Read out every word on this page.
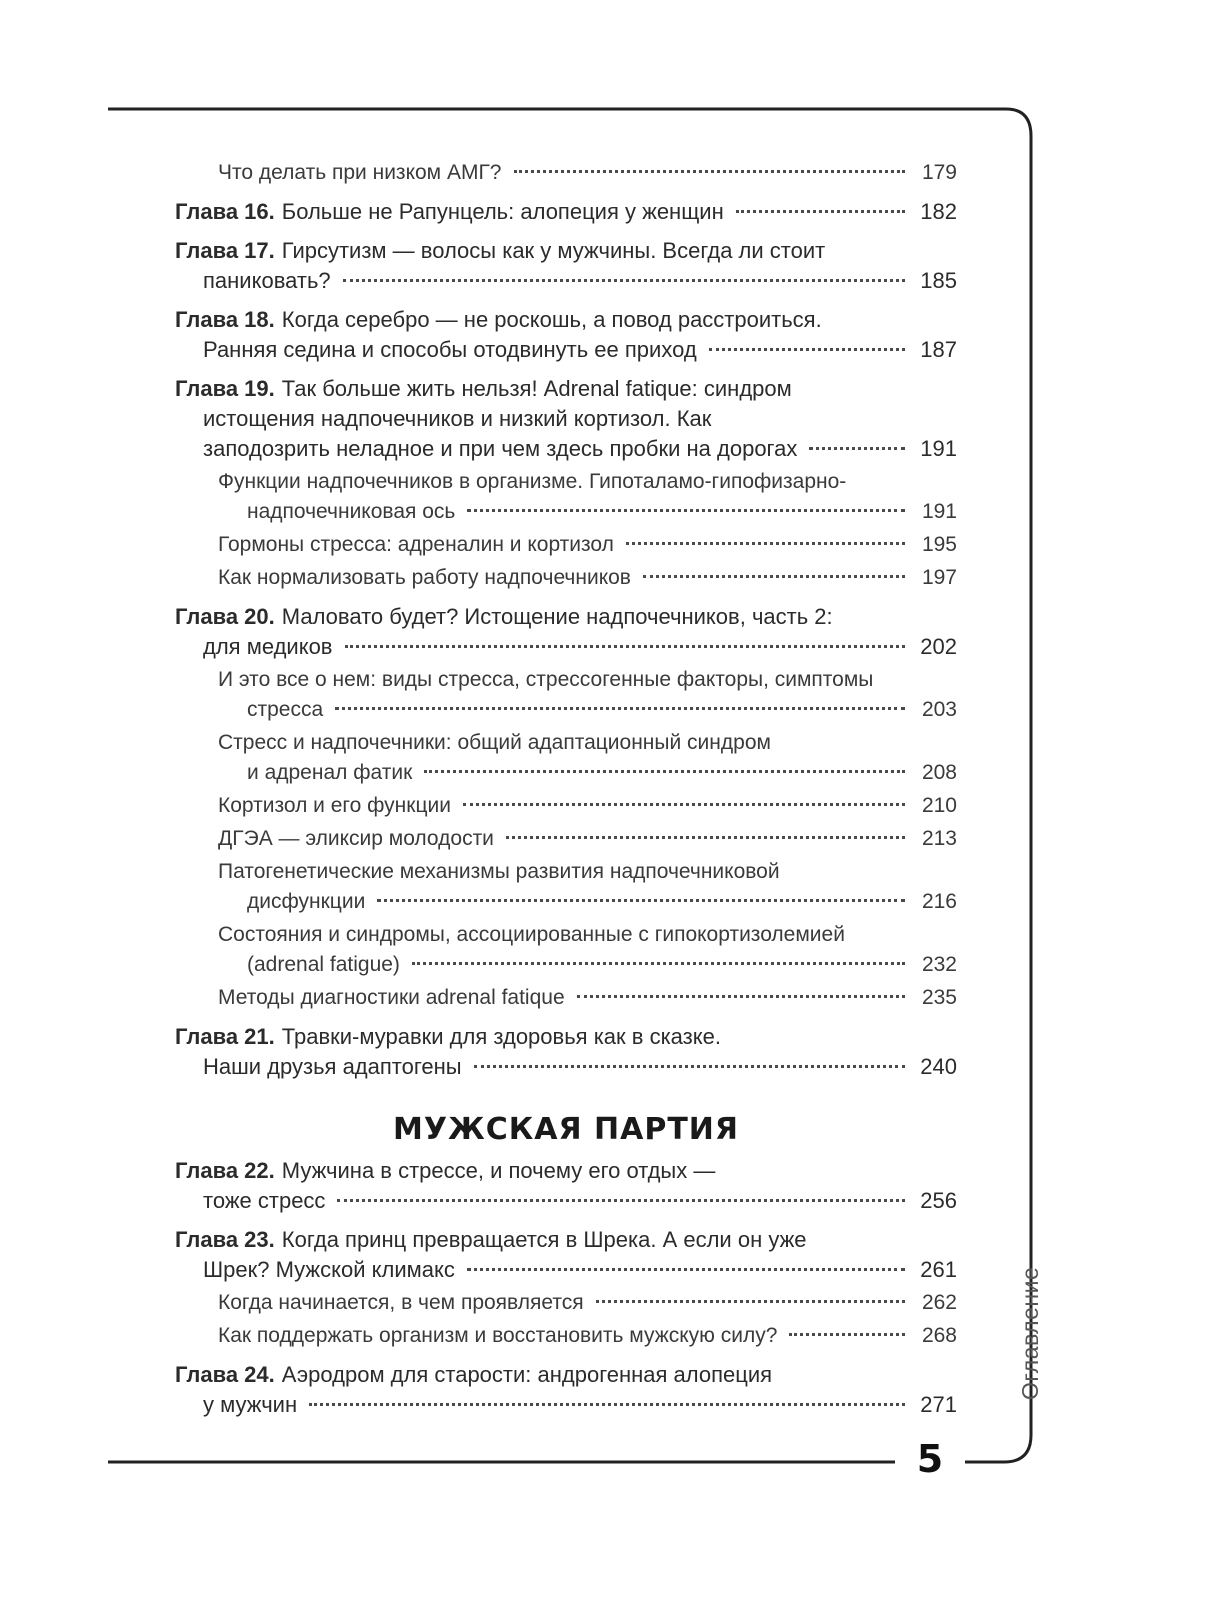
Что делать при низком АМГ?	179
Глава 16. Больше не Рапунцель: алопеция у женщин	182
Глава 17. Гирсутизм — волосы как у мужчины. Всегда ли стоит
паниковать?	185
Глава 18. Когда серебро — не роскошь, а повод расстроиться.
Ранняя седина и способы отодвинуть ее приход	187
Глава 19. Так больше жить нельзя! Adrenal fatique: синдром
истощения надпочечников и низкий кортизол. Как
заподозрить неладное и при чем здесь пробки на дорогах	191
Функции надпочечников в организме. Гипоталамо-гипофизарно-
надпочечниковая ось	191
Гормоны стресса: адреналин и кортизол	195
Как нормализовать работу надпочечников	197
Глава 20. Маловато будет? Истощение надпочечников, часть 2:
для медиков	202
И это все о нем: виды стресса, стрессогенные факторы, симптомы
стресса	203
Стресс и надпочечники: общий адаптационный синдром
и адренал фатик	208
Кортизол и его функции	210
ДГЭА — эликсир молодости	213
Патогенетические механизмы развития надпочечниковой
дисфункции	216
Состояния и синдромы, ассоциированные с гипокортизолемией
(adrenal fatigue)	232
Методы диагностики adrenal fatique	235
Глава 21. Травки-муравки для здоровья как в сказке.
Наши друзья адаптогены	240
МУЖСКАЯ ПАРТИЯ
Глава 22. Мужчина в стрессе, и почему его отдых —
тоже стресс	256
Глава 23. Когда принц превращается в Шрека. А если он уже
Шрек? Мужской климакс	261
Когда начинается, в чем проявляется	262
Как поддержать организм и восстановить мужскую силу?	268
Глава 24. Аэродром для старости: андрогенная алопеция
у мужчин	271
Оглавление
5
